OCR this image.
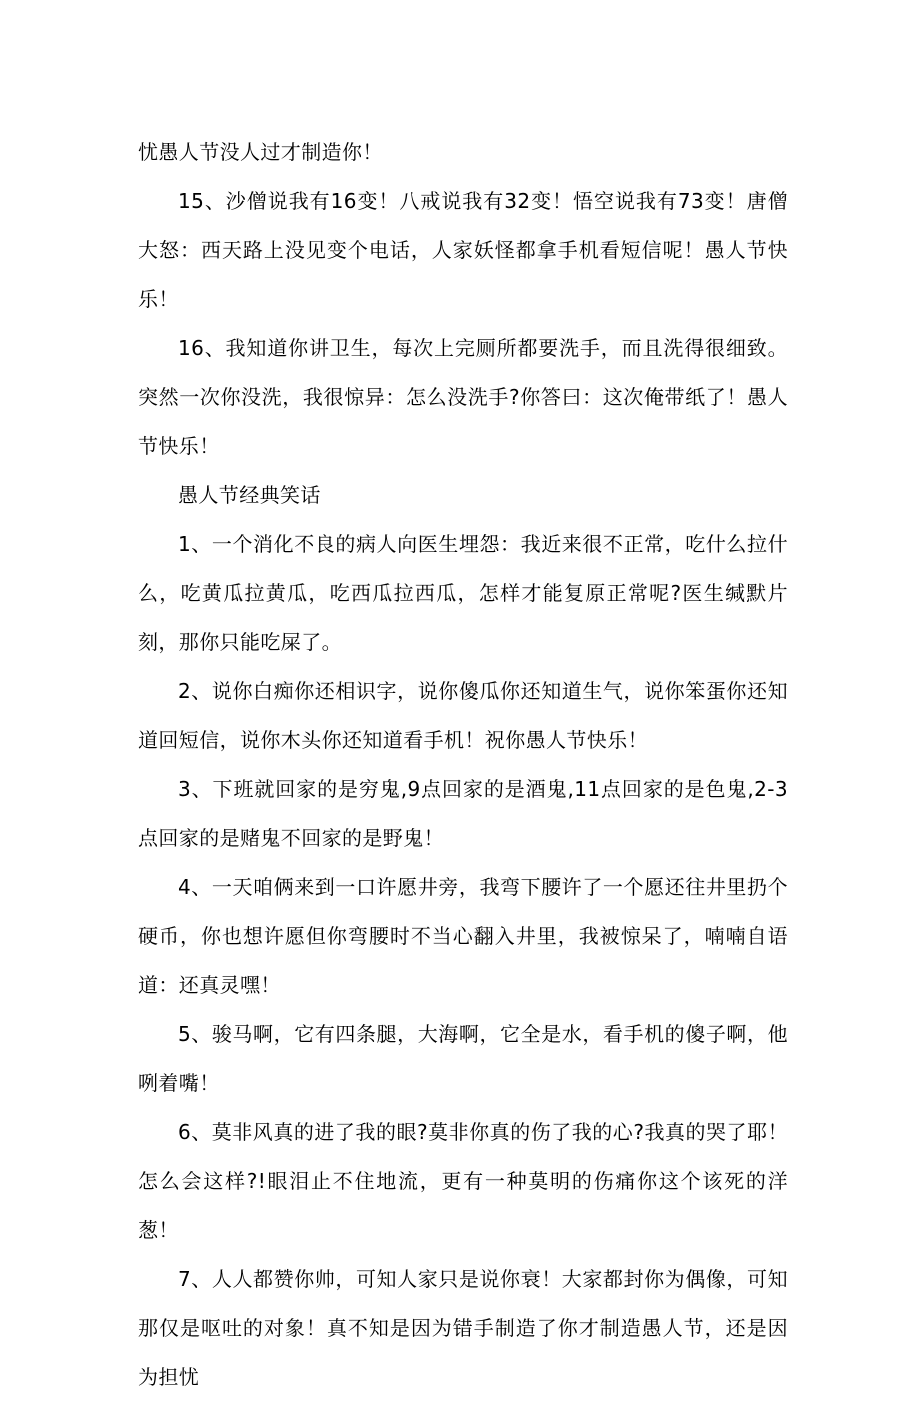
忧愚人节没人过才制造你！

15、沙僧说我有16变！八戒说我有32变！悟空说我有73变！唐僧大怒：西天路上没见变个电话，人家妖怪都拿手机看短信呢！愚人节快乐！

16、我知道你讲卫生，每次上完厕所都要洗手，而且洗得很细致。突然一次你没洗，我很惊异：怎么没洗手?你答曰：这次俺带纸了！愚人节快乐！

愚人节经典笑话

1、一个消化不良的病人向医生埋怨：我近来很不正常，吃什么拉什么，吃黄瓜拉黄瓜，吃西瓜拉西瓜，怎样才能复原正常呢?医生缄默片刻，那你只能吃屎了。

2、说你白痴你还相识字，说你傻瓜你还知道生气，说你笨蛋你还知道回短信，说你木头你还知道看手机！祝你愚人节快乐！

3、下班就回家的是穷鬼,9点回家的是酒鬼,11点回家的是色鬼,2-3点回家的是赌鬼不回家的是野鬼！

4、一天咱俩来到一口许愿井旁，我弯下腰许了一个愿还往井里扔个硬币，你也想许愿但你弯腰时不当心翻入井里，我被惊呆了，喃喃自语道：还真灵嘿！

5、骏马啊，它有四条腿，大海啊，它全是水，看手机的傻子啊，他咧着嘴！

6、莫非风真的进了我的眼?莫非你真的伤了我的心?我真的哭了耶！怎么会这样?!眼泪止不住地流，更有一种莫明的伤痛你这个该死的洋葱！

7、人人都赞你帅，可知人家只是说你衰！大家都封你为偶像，可知那仅是呕吐的对象！真不知是因为错手制造了你才制造愚人节，还是因为担忧
